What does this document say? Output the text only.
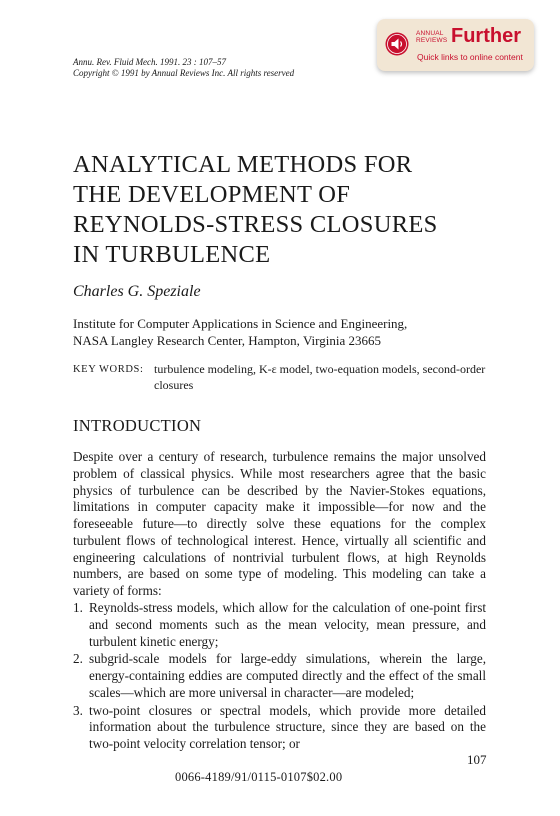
Annu. Rev. Fluid Mech. 1991. 23 : 107–57
Copyright © 1991 by Annual Reviews Inc. All rights reserved
ANNUAL
REVIEWS Further
Quick links to online content
ANALYTICAL METHODS FOR
THE DEVELOPMENT OF
REYNOLDS-STRESS CLOSURES
IN TURBULENCE
Charles G. Speziale
Institute for Computer Applications in Science and Engineering,
NASA Langley Research Center, Hampton, Virginia 23665
KEY WORDS: turbulence modeling, K-ε model, two-equation models, second-order closures
INTRODUCTION
Despite over a century of research, turbulence remains the major unsolved problem of classical physics. While most researchers agree that the basic physics of turbulence can be described by the Navier-Stokes equations, limitations in computer capacity make it impossible—for now and the foreseeable future—to directly solve these equations for the complex turbulent flows of technological interest. Hence, virtually all scientific and engineering calculations of nontrivial turbulent flows, at high Reynolds numbers, are based on some type of modeling. This modeling can take a variety of forms:
1. Reynolds-stress models, which allow for the calculation of one-point first and second moments such as the mean velocity, mean pressure, and turbulent kinetic energy;
2. subgrid-scale models for large-eddy simulations, wherein the large, energy-containing eddies are computed directly and the effect of the small scales—which are more universal in character—are modeled;
3. two-point closures or spectral models, which provide more detailed information about the turbulence structure, since they are based on the two-point velocity correlation tensor; or
107
0066-4189/91/0115-0107$02.00
